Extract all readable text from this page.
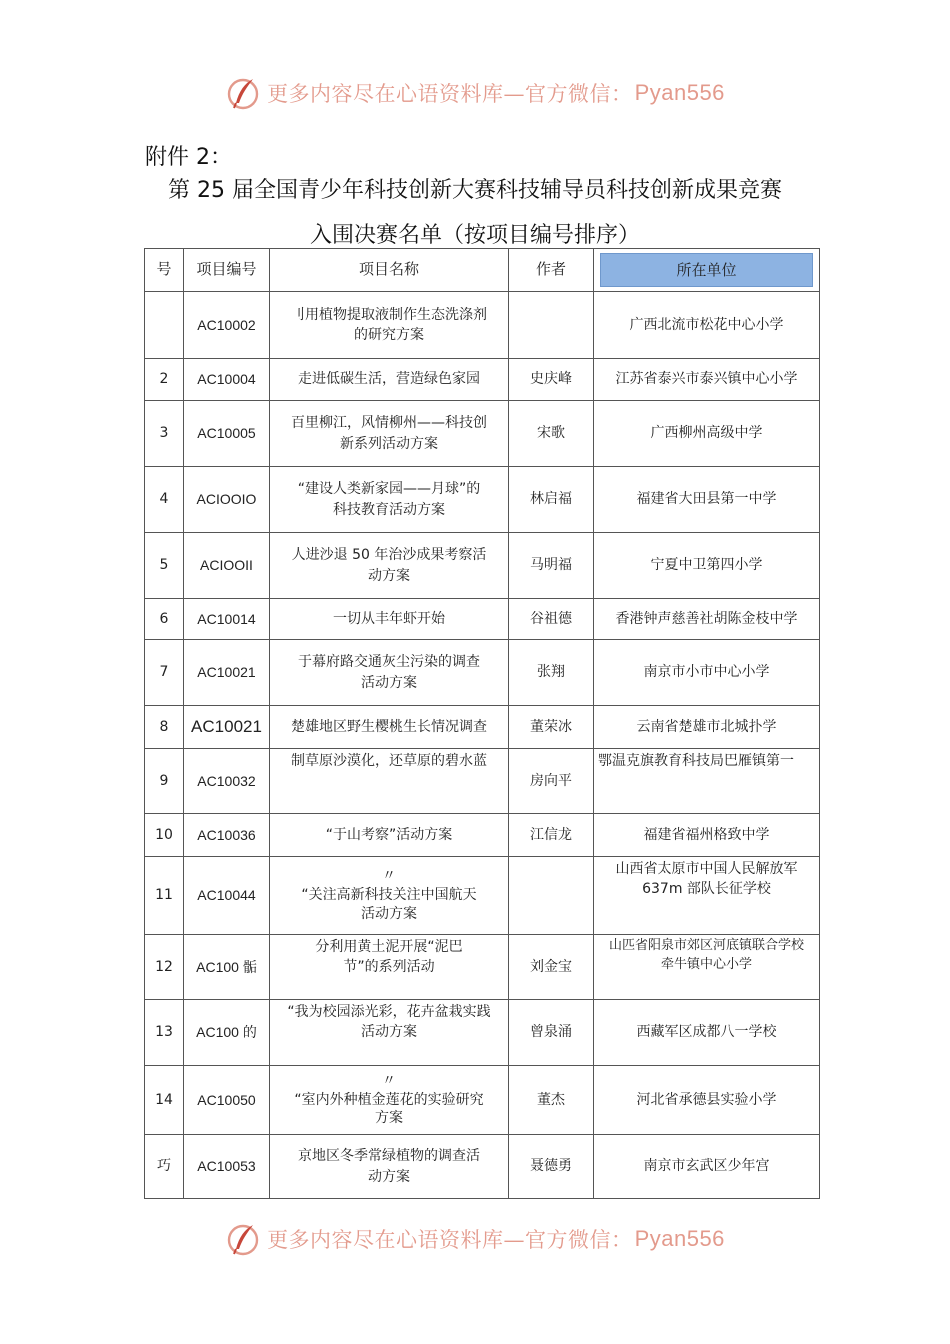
更多内容尽在心语资料库—官方微信： Pyan556
附件 2：
第 25 届全国青少年科技创新大赛科技辅导员科技创新成果竞赛
入围决赛名单（按项目编号排序）
号	项目编号	项目名称	作者	所在单位

	AC10002	刂用植物提取液制作生态洗涤剂
的研究方案		广西北流市松花中心小学
2	AC10004	走进低碳生活，营造绿色家园	史庆峰	江苏省泰兴市泰兴镇中心小学
3	AC10005	百里柳江，风情柳州——科技创
新系列活动方案	宋歌	广西柳州高级中学
4	ACIOOIO	“建设人类新家园——月球”的
科技教育活动方案	林启福	福建省大田县第一中学
5	ACIOOII	人进沙退 50 年治沙成果考察活
动方案	马明福	宁夏中卫第四小学
6	AC10014	一切从丰年虾开始	谷祖德	香港钟声慈善社胡陈金枝中学
7	AC10021	于幕府路交通灰尘污染的调查
活动方案	张翔	南京市小市中心小学
8	AC10021	楚雄地区野生樱桃生长情况调查	董荣冰	云南省楚雄市北城扑学
9	AC10032	制草原沙漠化，还草原的碧水蓝	房向平	鄂温克旗教育科技局巴雁镇第一
10	AC10036	“于山考察”活动方案	江信龙	福建省福州格致中学
11	AC10044	〃
“关注高新科技关注中国航天
活动方案		山西省太原市中国人民解放军
637m 部队长征学校
12	AC100 骺	分利用黄土泥开展“泥巴
节”的系列活动	刘金宝	山匹省阳泉市郊区河底镇联合学校
牵牛镇中心小学
13	AC100 的	“我为校园添光彩，花卉盆栽实践
活动方案	曾泉涌	西藏军区成都八一学校
14	AC10050	〃
“室内外种植金莲花的实验研究
方案	董杰	河北省承德县实验小学
巧	AC10053	京地区冬季常绿植物的调查活
动方案	聂德勇	南京市玄武区少年宫
更多内容尽在心语资料库—官方微信： Pyan556
